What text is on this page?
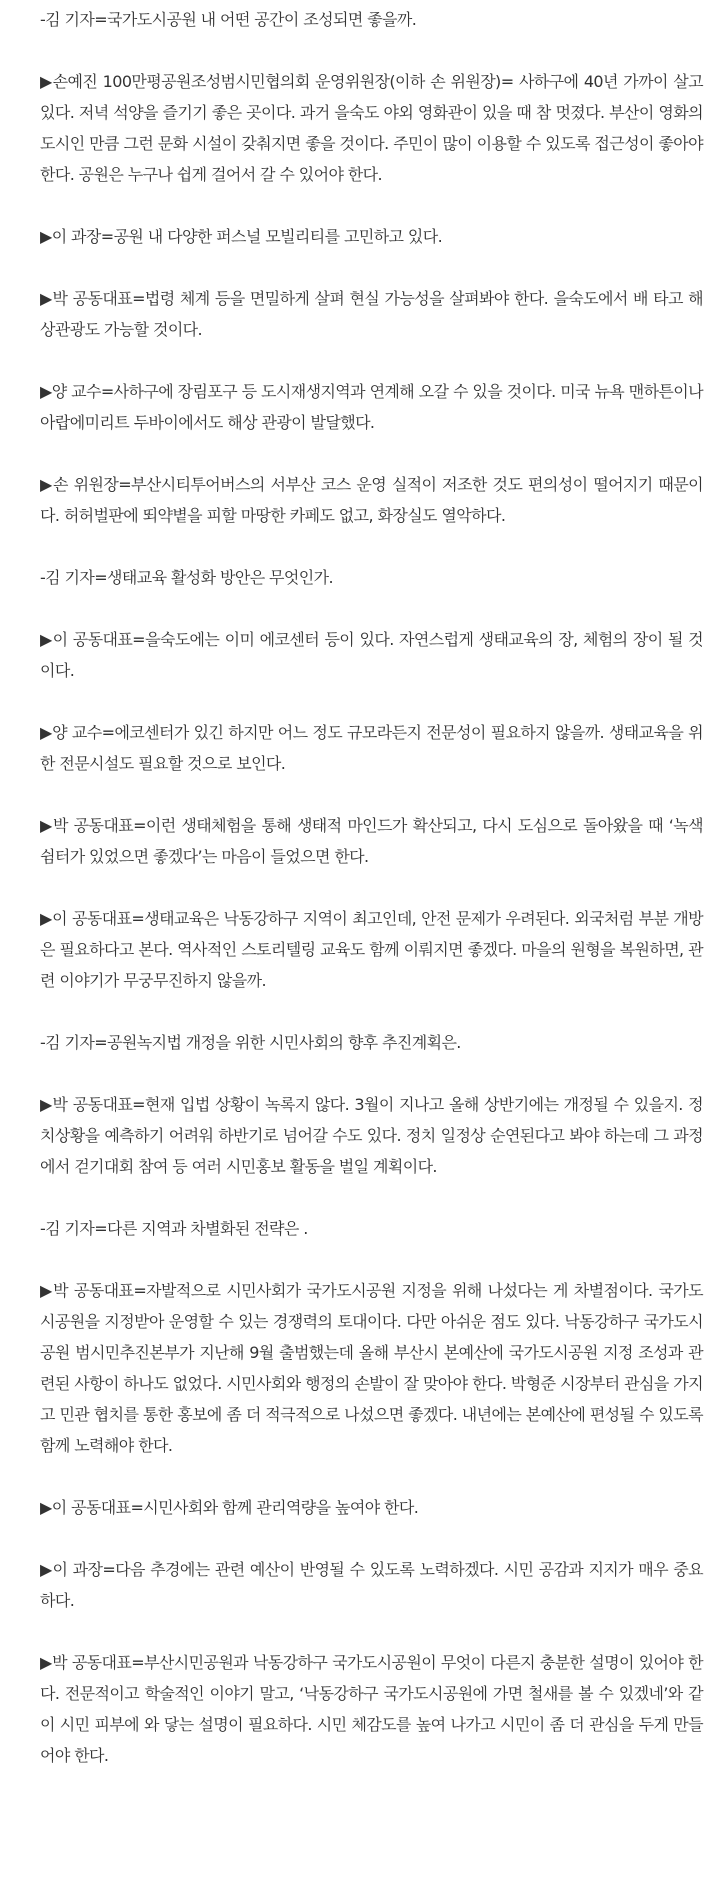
-김 기자=국가도시공원 내 어떤 공간이 조성되면 좋을까.

▶손예진 100만평공원조성범시민협의회 운영위원장(이하 손 위원장)= 사하구에 40년 가까이 살고 있다. 저녁 석양을 즐기기 좋은 곳이다. 과거 을숙도 야외 영화관이 있을 때 참 멋졌다. 부산이 영화의 도시인 만큼 그런 문화 시설이 갖춰지면 좋을 것이다. 주민이 많이 이용할 수 있도록 접근성이 좋아야 한다. 공원은 누구나 쉽게 걸어서 갈 수 있어야 한다.

▶이 과장=공원 내 다양한 퍼스널 모빌리티를 고민하고 있다.

▶박 공동대표=법령 체계 등을 면밀하게 살펴 현실 가능성을 살펴봐야 한다. 을숙도에서 배 타고 해상관광도 가능할 것이다.

▶양 교수=사하구에 장림포구 등 도시재생지역과 연계해 오갈 수 있을 것이다. 미국 뉴욕 맨하튼이나 아랍에미리트 두바이에서도 해상 관광이 발달했다.

▶손 위원장=부산시티투어버스의 서부산 코스 운영 실적이 저조한 것도 편의성이 떨어지기 때문이다. 허허벌판에 뙤약볕을 피할 마땅한 카페도 없고, 화장실도 열악하다.

-김 기자=생태교육 활성화 방안은 무엇인가.

▶이 공동대표=을숙도에는 이미 에코센터 등이 있다. 자연스럽게 생태교육의 장, 체험의 장이 될 것이다.

▶양 교수=에코센터가 있긴 하지만 어느 정도 규모라든지 전문성이 필요하지 않을까. 생태교육을 위한 전문시설도 필요할 것으로 보인다.

▶박 공동대표=이런 생태체험을 통해 생태적 마인드가 확산되고, 다시 도심으로 돌아왔을 때 ‘녹색 쉼터가 있었으면 좋겠다’는 마음이 들었으면 한다.

▶이 공동대표=생태교육은 낙동강하구 지역이 최고인데, 안전 문제가 우려된다. 외국처럼 부분 개방은 필요하다고 본다. 역사적인 스토리텔링 교육도 함께 이뤄지면 좋겠다. 마을의 원형을 복원하면, 관련 이야기가 무궁무진하지 않을까.

-김 기자=공원녹지법 개정을 위한 시민사회의 향후 추진계획은.

▶박 공동대표=현재 입법 상황이 녹록지 않다. 3월이 지나고 올해 상반기에는 개정될 수 있을지. 정치상황을 예측하기 어려워 하반기로 넘어갈 수도 있다. 정치 일정상 순연된다고 봐야 하는데 그 과정에서 걷기대회 참여 등 여러 시민홍보 활동을 벌일 계획이다.

-김 기자=다른 지역과 차별화된 전략은 .

▶박 공동대표=자발적으로 시민사회가 국가도시공원 지정을 위해 나섰다는 게 차별점이다. 국가도시공원을 지정받아 운영할 수 있는 경쟁력의 토대이다. 다만 아쉬운 점도 있다. 낙동강하구 국가도시공원 범시민추진본부가 지난해 9월 출범했는데 올해 부산시 본예산에 국가도시공원 지정 조성과 관련된 사항이 하나도 없었다. 시민사회와 행정의 손발이 잘 맞아야 한다. 박형준 시장부터 관심을 가지고 민관 협치를 통한 홍보에 좀 더 적극적으로 나섰으면 좋겠다. 내년에는 본예산에 편성될 수 있도록 함께 노력해야 한다.

▶이 공동대표=시민사회와 함께 관리역량을 높여야 한다.

▶이 과장=다음 추경에는 관련 예산이 반영될 수 있도록 노력하겠다. 시민 공감과 지지가 매우 중요하다.

▶박 공동대표=부산시민공원과 낙동강하구 국가도시공원이 무엇이 다른지 충분한 설명이 있어야 한다. 전문적이고 학술적인 이야기 말고, ‘낙동강하구 국가도시공원에 가면 철새를 볼 수 있겠네’와 같이 시민 피부에 와 닿는 설명이 필요하다. 시민 체감도를 높여 나가고 시민이 좀 더 관심을 두게 만들어야 한다.
